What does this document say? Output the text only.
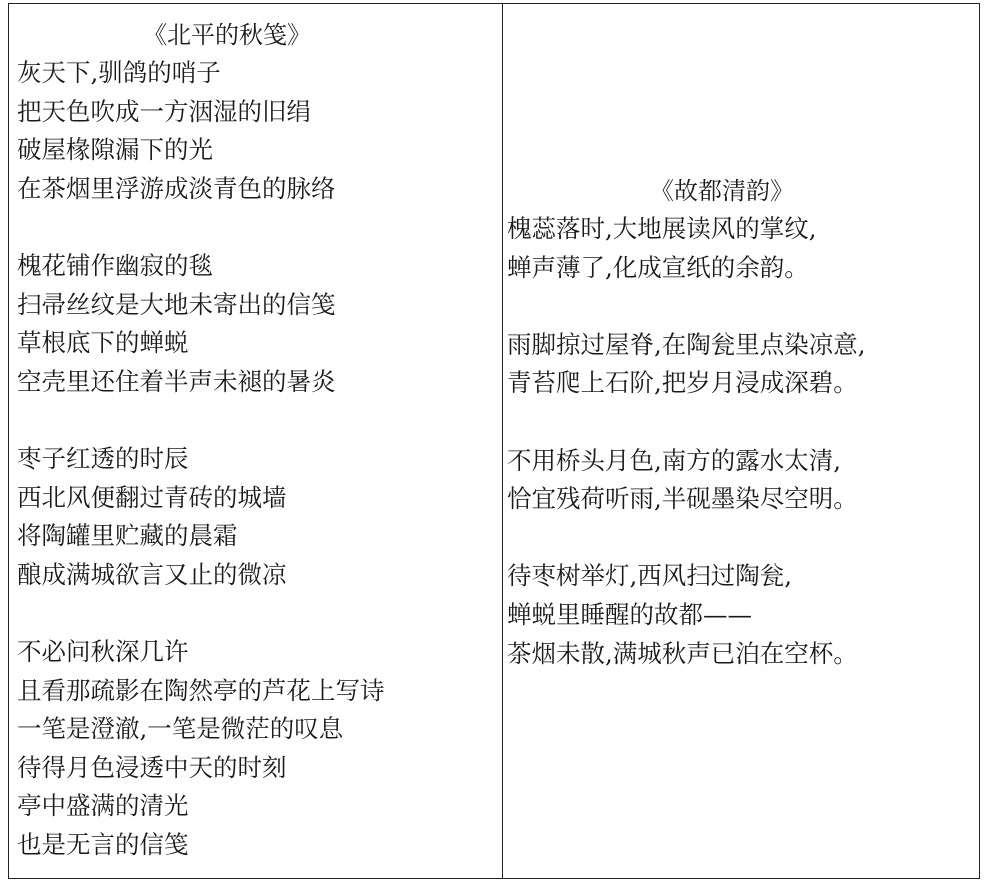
《北平的秋笺》
灰天下,驯鸽的哨子
把天色吹成一方洇湿的旧绢
破屋椽隙漏下的光
在茶烟里浮游成淡青色的脉络
槐花铺作幽寂的毯
扫帚丝纹是大地未寄出的信笺
草根底下的蝉蜕
空壳里还住着半声未褪的暑炎
枣子红透的时辰
西北风便翻过青砖的城墙
将陶罐里贮藏的晨霜
酿成满城欲言又止的微凉
不必问秋深几许
且看那疏影在陶然亭的芦花上写诗
一笔是澄澈,一笔是微茫的叹息
待得月色浸透中天的时刻
亭中盛满的清光
也是无言的信笺
《故都清韵》
槐蕊落时,大地展读风的掌纹,
蝉声薄了,化成宣纸的余韵。
雨脚掠过屋脊,在陶瓮里点染凉意,
青苔爬上石阶,把岁月浸成深碧。
不用桥头月色,南方的露水太清,
恰宜残荷听雨,半砚墨染尽空明。
待枣树举灯,西风扫过陶瓮,
蝉蜕里睡醒的故都——
茶烟未散,满城秋声已泊在空杯。
